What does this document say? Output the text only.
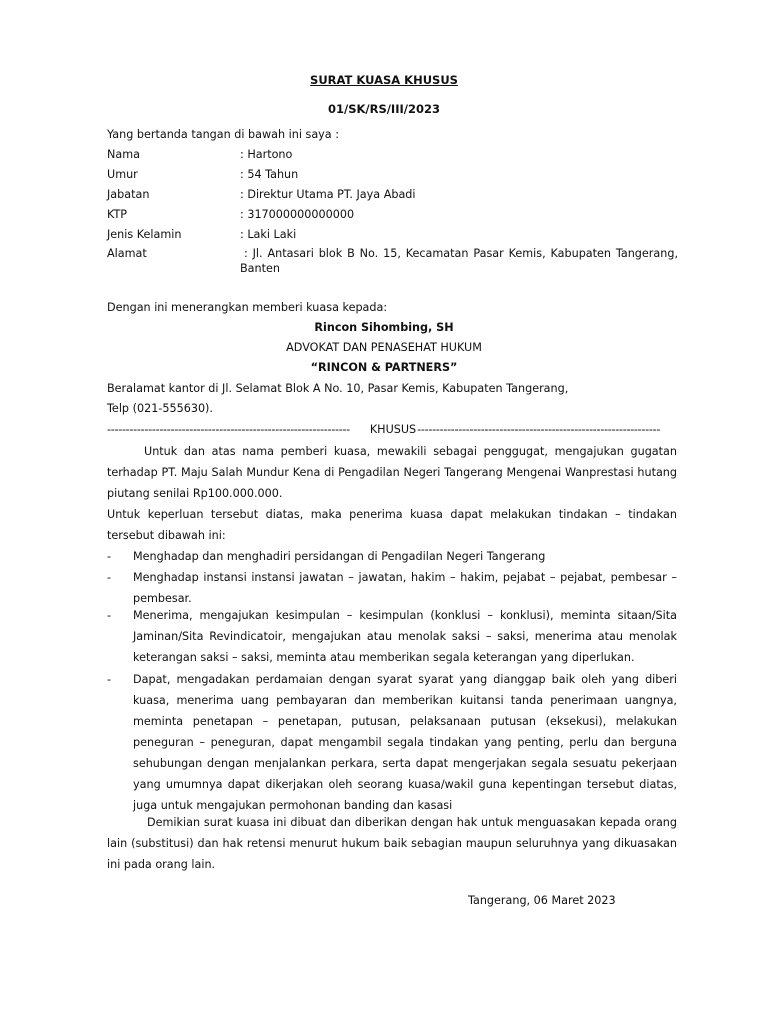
SURAT KUASA KHUSUS
01/SK/RS/III/2023
Yang bertanda tangan di bawah ini saya :
Nama	: Hartono
Umur	: 54 Tahun
Jabatan	: Direktur Utama PT. Jaya Abadi
KTP	: 317000000000000
Jenis Kelamin	: Laki Laki
Alamat	: Jl. Antasari blok B No. 15, Kecamatan Pasar Kemis, Kabupaten Tangerang,
Banten
Dengan ini menerangkan memberi kuasa kepada:
Rincon Sihombing, SH
ADVOKAT DAN PENASEHAT HUKUM
“RINCON & PARTNERS”
Beralamat kantor di Jl. Selamat Blok A No. 10, Pasar Kemis, Kabupaten Tangerang,
Telp (021-555630).
-----------------------------------------------------------------	KHUSUS -----------------------------------------------------------------
Untuk dan atas nama pemberi kuasa, mewakili sebagai penggugat, mengajukan gugatan terhadap PT. Maju Salah Mundur Kena di Pengadilan Negeri Tangerang Mengenai Wanprestasi hutang piutang senilai Rp100.000.000.
Untuk keperluan tersebut diatas, maka penerima kuasa dapat melakukan tindakan – tindakan tersebut dibawah ini:
- Menghadap dan menghadiri persidangan di Pengadilan Negeri Tangerang
- Menghadap instansi instansi jawatan – jawatan, hakim – hakim, pejabat – pejabat, pembesar – pembesar.
- Menerima, mengajukan kesimpulan – kesimpulan (konklusi – konklusi), meminta sitaan/Sita Jaminan/Sita Revindicatoir, mengajukan atau menolak saksi – saksi, menerima atau menolak keterangan saksi – saksi, meminta atau memberikan segala keterangan yang diperlukan.
- Dapat, mengadakan perdamaian dengan syarat syarat yang dianggap baik oleh yang diberi kuasa, menerima uang pembayaran dan memberikan kuitansi tanda penerimaan uangnya, meminta penetapan – penetapan, putusan, pelaksanaan putusan (eksekusi), melakukan peneguran – peneguran, dapat mengambil segala tindakan yang penting, perlu dan berguna sehubungan dengan menjalankan perkara, serta dapat mengerjakan segala sesuatu pekerjaan yang umumnya dapat dikerjakan oleh seorang kuasa/wakil guna kepentingan tersebut diatas, juga untuk mengajukan permohonan banding dan kasasi
Demikian surat kuasa ini dibuat dan diberikan dengan hak untuk menguasakan kepada orang lain (substitusi) dan hak retensi menurut hukum baik sebagian maupun seluruhnya yang dikuasakan ini pada orang lain.
Tangerang, 06 Maret 2023
